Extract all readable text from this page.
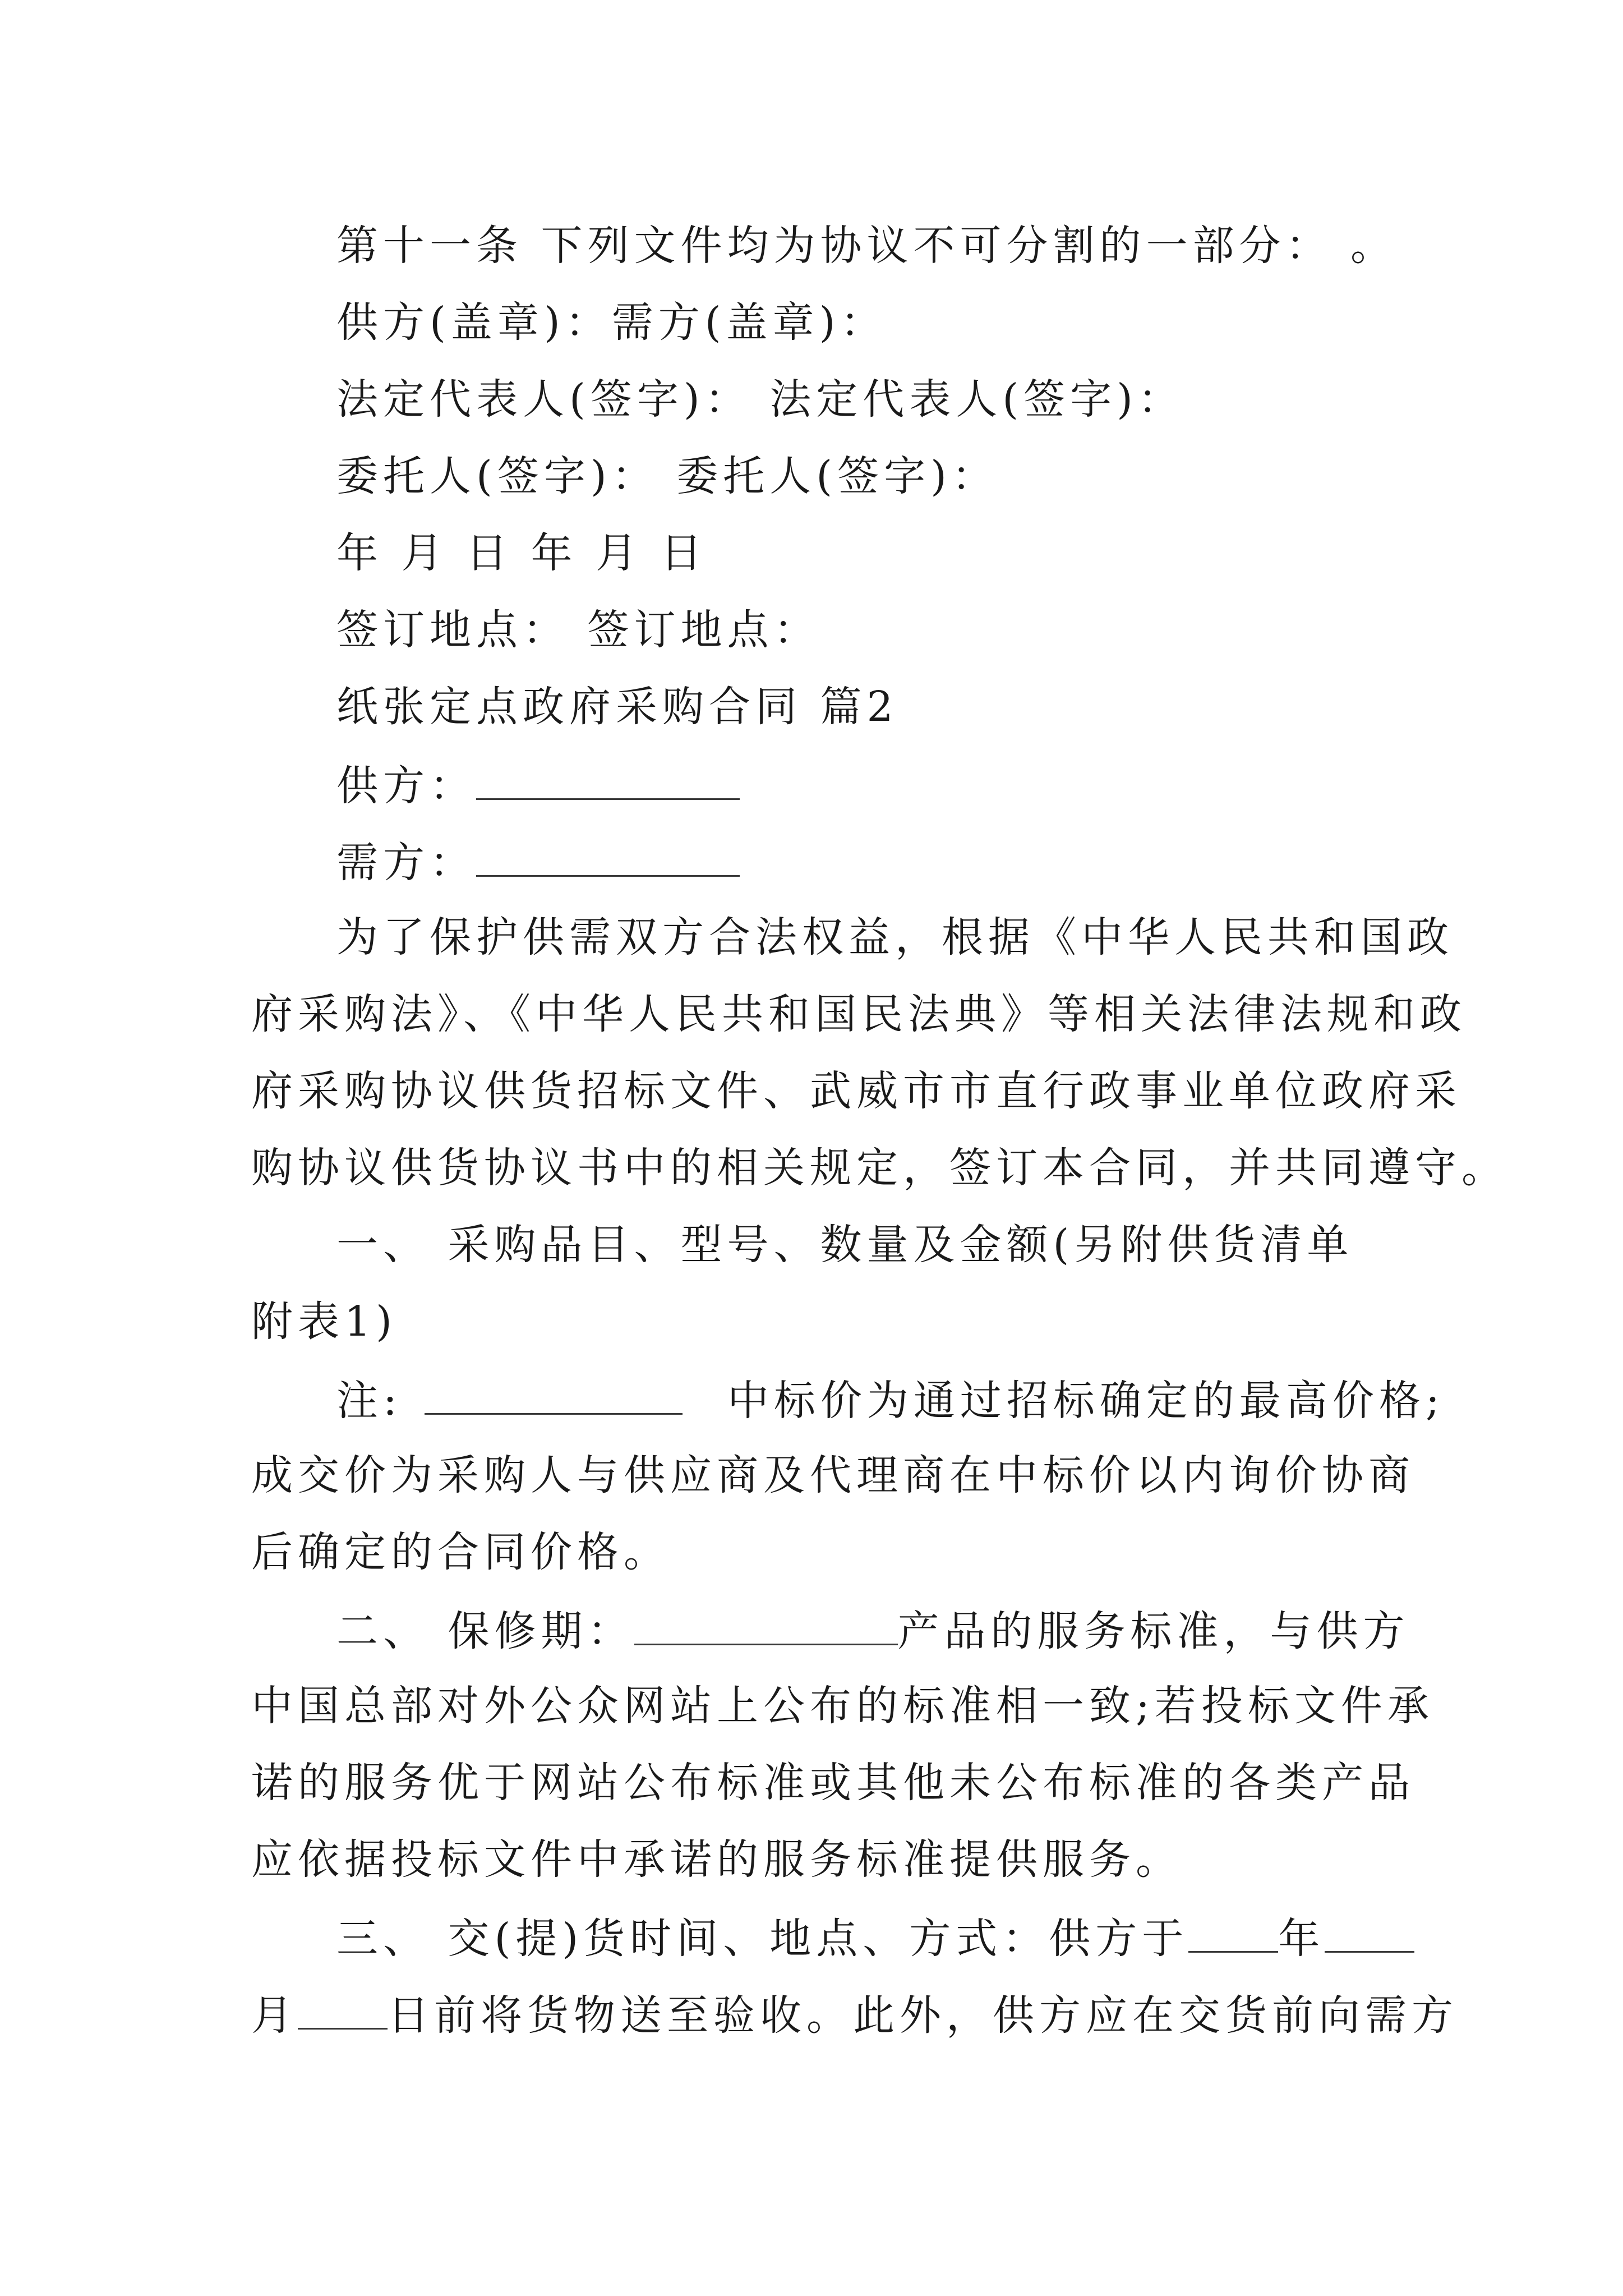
第十一条 下列文件均为协议不可分割的一部分： 。
供方(盖章)：需方(盖章)：
法定代表人(签字)： 法定代表人(签字)：
委托人(签字)： 委托人(签字)：
年 月 日 年 月 日
签订地点： 签订地点：
纸张定点政府采购合同 篇2
供方：
需方：
为了保护供需双方合法权益，根据《中华人民共和国政
府采购法》、《中华人民共和国民法典》等相关法律法规和政
府采购协议供货招标文件、武威市市直行政事业单位政府采
购协议供货协议书中的相关规定，签订本合同，并共同遵守。
一、 采购品目、型号、数量及金额(另附供货清单
附表1)
注:	中标价为通过招标确定的最高价格;
成交价为采购人与供应商及代理商在中标价以内询价协商
后确定的合同价格。
二、 保修期：	产品的服务标准，与供方
中国总部对外公众网站上公布的标准相一致;若投标文件承
诺的服务优于网站公布标准或其他未公布标准的各类产品
应依据投标文件中承诺的服务标准提供服务。
三、 交(提)货时间、地点、方式：供方于 年
月 日前将货物送至验收。此外，供方应在交货前向需方
